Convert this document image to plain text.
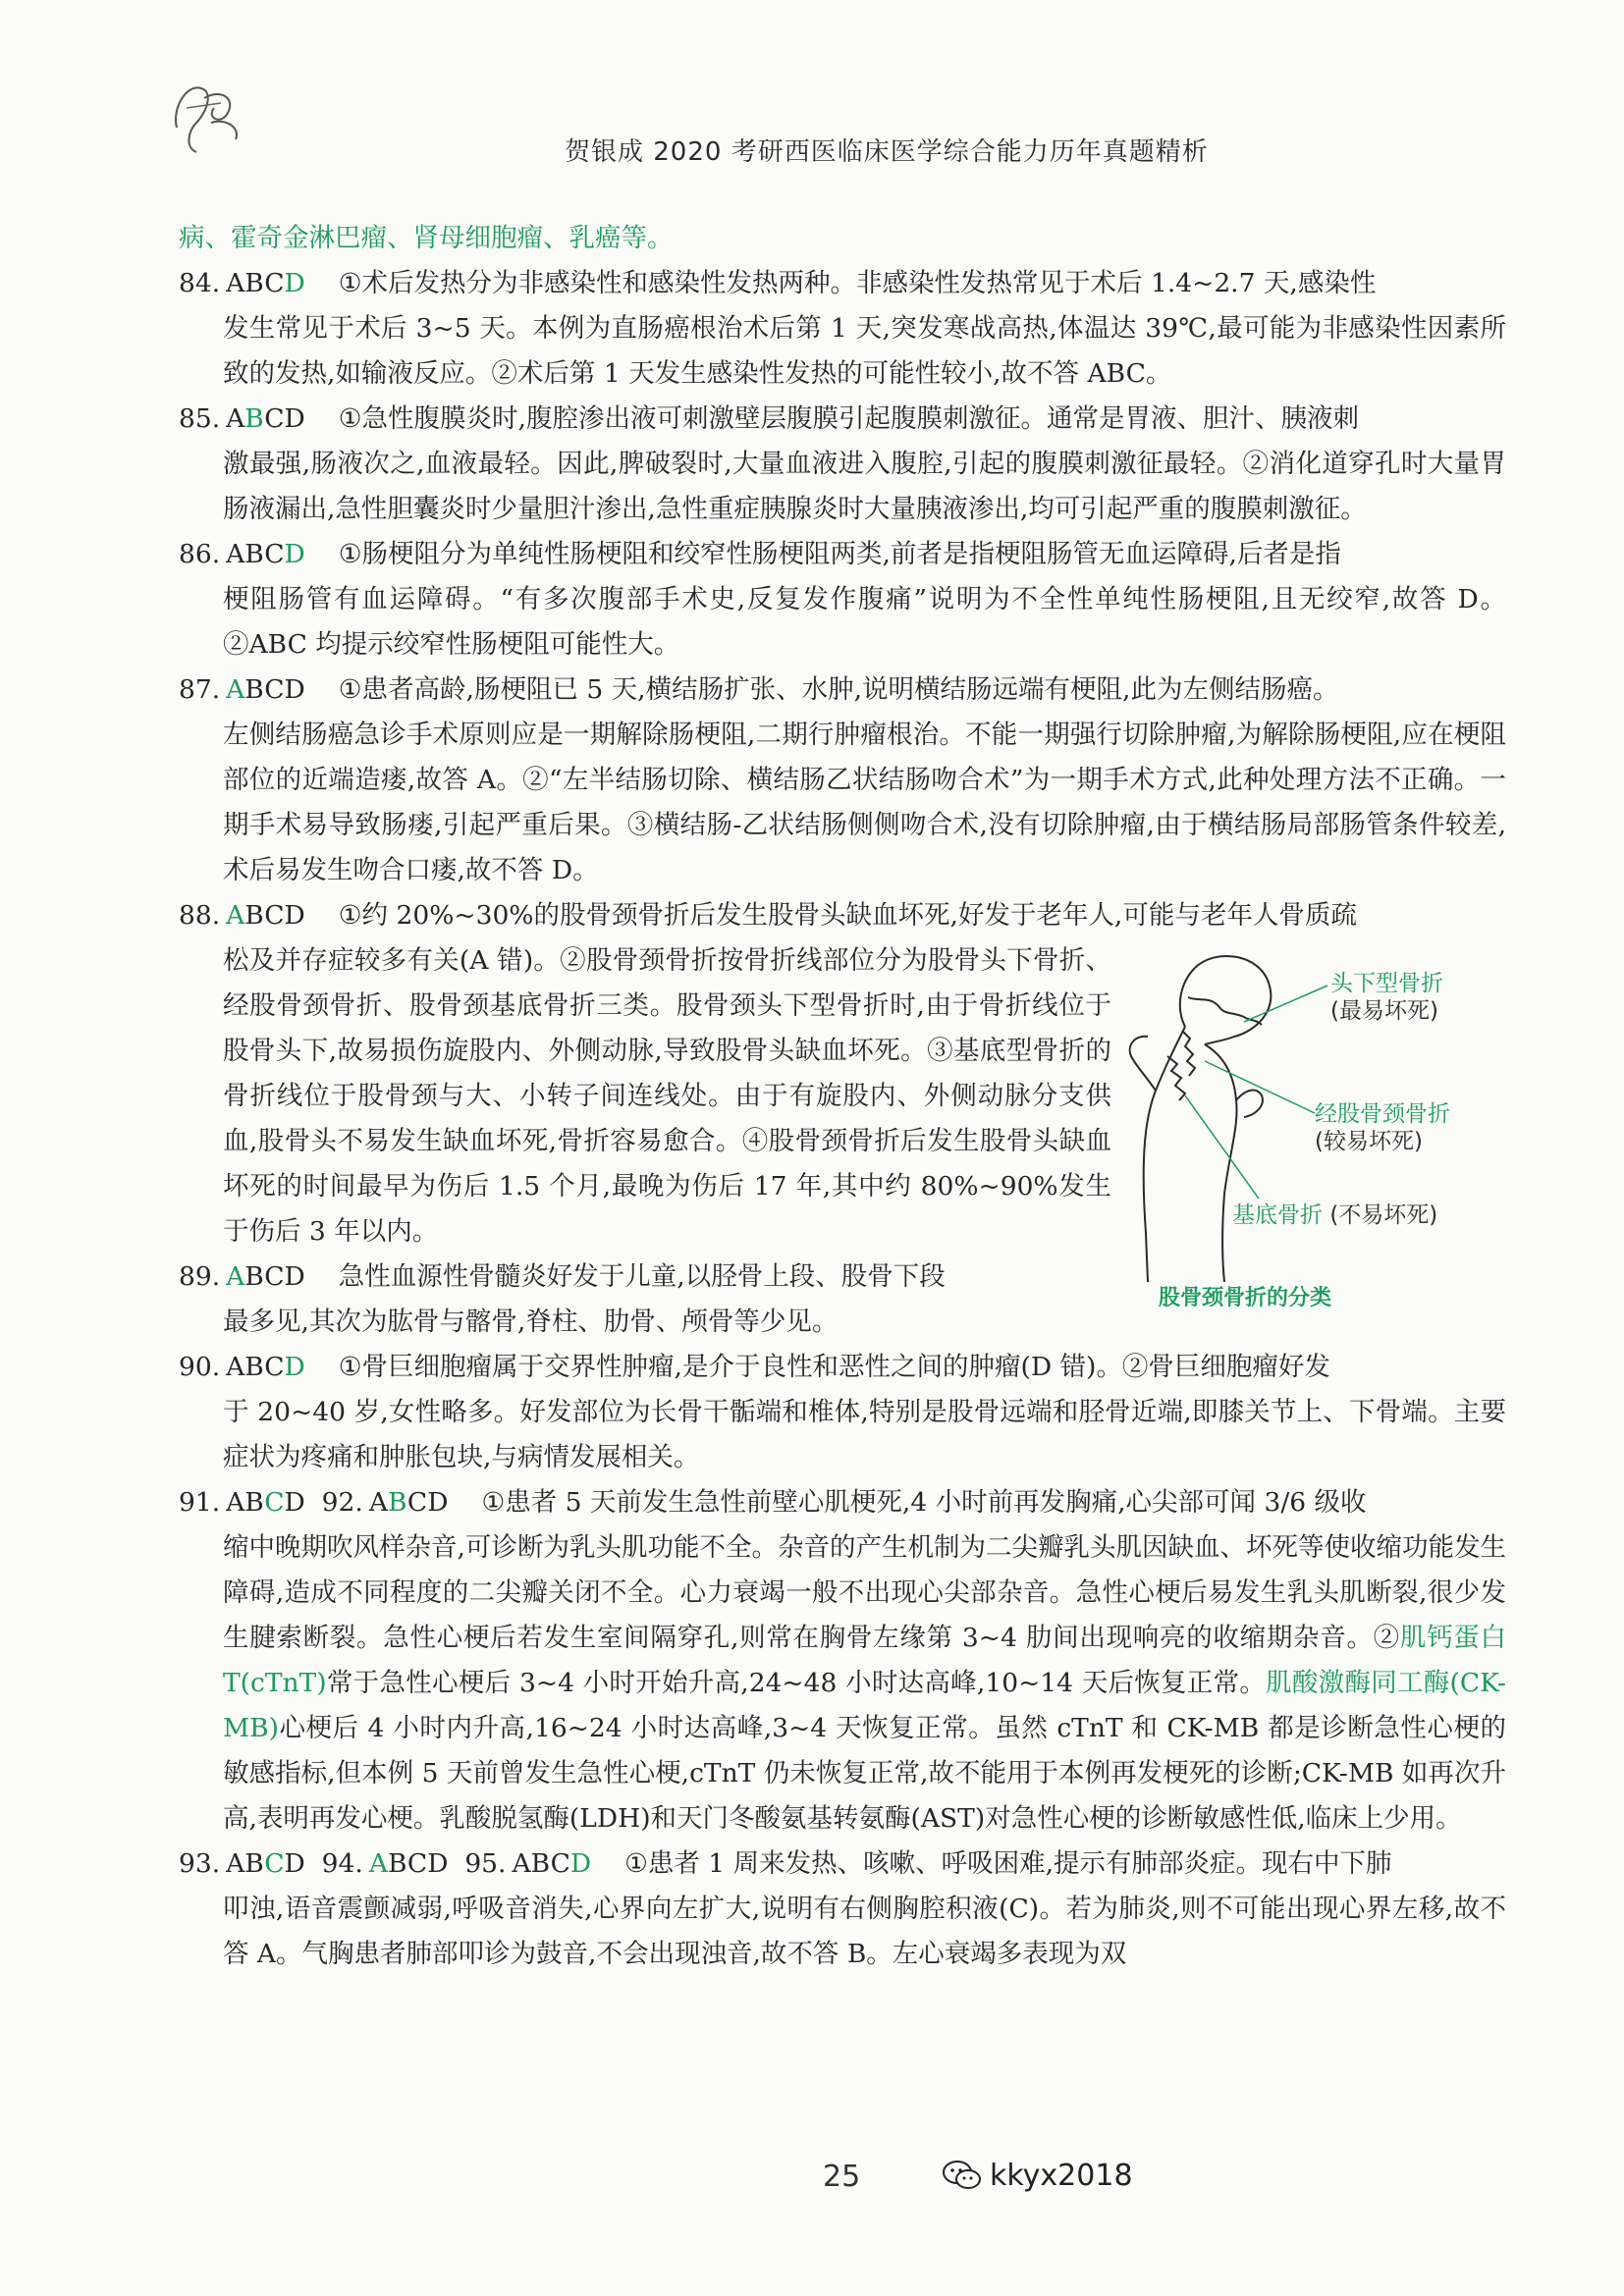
贺银成 2020 考研西医临床医学综合能力历年真题精析

病、霍奇金淋巴瘤、肾母细胞瘤、乳癌等。

84. ABCD ①术后发热分为非感染性和感染性发热两种。非感染性发热常见于术后 1.4~2.7 天,感染性

发生常见于术后 3~5 天。本例为直肠癌根治术后第 1 天,突发寒战高热,体温达 39℃,最可能为非感染性因素所致的发热,如输液反应。②术后第 1 天发生感染性发热的可能性较小,故不答 ABC。

85. ABCD ①急性腹膜炎时,腹腔渗出液可刺激壁层腹膜引起腹膜刺激征。通常是胃液、胆汁、胰液刺

激最强,肠液次之,血液最轻。因此,脾破裂时,大量血液进入腹腔,引起的腹膜刺激征最轻。②消化道穿孔时大量胃肠液漏出,急性胆囊炎时少量胆汁渗出,急性重症胰腺炎时大量胰液渗出,均可引起严重的腹膜刺激征。

86. ABCD ①肠梗阻分为单纯性肠梗阻和绞窄性肠梗阻两类,前者是指梗阻肠管无血运障碍,后者是指

梗阻肠管有血运障碍。“有多次腹部手术史,反复发作腹痛”说明为不全性单纯性肠梗阻,且无绞窄,故答 D。②ABC 均提示绞窄性肠梗阻可能性大。

87. ABCD ①患者高龄,肠梗阻已 5 天,横结肠扩张、水肿,说明横结肠远端有梗阻,此为左侧结肠癌。

左侧结肠癌急诊手术原则应是一期解除肠梗阻,二期行肿瘤根治。不能一期强行切除肿瘤,为解除肠梗阻,应在梗阻部位的近端造瘘,故答 A。②“左半结肠切除、横结肠乙状结肠吻合术”为一期手术方式,此种处理方法不正确。一期手术易导致肠瘘,引起严重后果。③横结肠-乙状结肠侧侧吻合术,没有切除肿瘤,由于横结肠局部肠管条件较差,术后易发生吻合口瘘,故不答 D。

88. ABCD ①约 20%~30%的股骨颈骨折后发生股骨头缺血坏死,好发于老年人,可能与老年人骨质疏

松及并存症较多有关(A 错)。②股骨颈骨折按骨折线部位分为股骨头下骨折、经股骨颈骨折、股骨颈基底骨折三类。股骨颈头下型骨折时,由于骨折线位于股骨头下,故易损伤旋股内、外侧动脉,导致股骨头缺血坏死。③基底型骨折的骨折线位于股骨颈与大、小转子间连线处。由于有旋股内、外侧动脉分支供血,股骨头不易发生缺血坏死,骨折容易愈合。④股骨颈骨折后发生股骨头缺血坏死的时间最早为伤后 1.5 个月,最晚为伤后 17 年,其中约 80%~90%发生于伤后 3 年以内。

89. ABCD 急性血源性骨髓炎好发于儿童,以胫骨上段、股骨下段

最多见,其次为肱骨与髂骨,脊柱、肋骨、颅骨等少见。

头下型骨折
(最易坏死)
经股骨颈骨折
(较易坏死)
基底骨折 (不易坏死)
股骨颈骨折的分类

90. ABCD ①骨巨细胞瘤属于交界性肿瘤,是介于良性和恶性之间的肿瘤(D 错)。②骨巨细胞瘤好发

于 20~40 岁,女性略多。好发部位为长骨干骺端和椎体,特别是股骨远端和胫骨近端,即膝关节上、下骨端。主要症状为疼痛和肿胀包块,与病情发展相关。

91. ABCD 92. ABCD ①患者 5 天前发生急性前壁心肌梗死,4 小时前再发胸痛,心尖部可闻 3/6 级收

缩中晚期吹风样杂音,可诊断为乳头肌功能不全。杂音的产生机制为二尖瓣乳头肌因缺血、坏死等使收缩功能发生障碍,造成不同程度的二尖瓣关闭不全。心力衰竭一般不出现心尖部杂音。急性心梗后易发生乳头肌断裂,很少发生腱索断裂。急性心梗后若发生室间隔穿孔,则常在胸骨左缘第 3~4 肋间出现响亮的收缩期杂音。②肌钙蛋白 T(cTnT)常于急性心梗后 3~4 小时开始升高,24~48 小时达高峰,10~14 天后恢复正常。肌酸激酶同工酶(CK-MB)心梗后 4 小时内升高,16~24 小时达高峰,3~4 天恢复正常。虽然 cTnT 和 CK-MB 都是诊断急性心梗的敏感指标,但本例 5 天前曾发生急性心梗,cTnT 仍未恢复正常,故不能用于本例再发梗死的诊断;CK-MB 如再次升高,表明再发心梗。乳酸脱氢酶(LDH)和天门冬酸氨基转氨酶(AST)对急性心梗的诊断敏感性低,临床上少用。

93. ABCD 94. ABCD 95. ABCD ①患者 1 周来发热、咳嗽、呼吸困难,提示有肺部炎症。现右中下肺

叩浊,语音震颤减弱,呼吸音消失,心界向左扩大,说明有右侧胸腔积液(C)。若为肺炎,则不可能出现心界左移,故不答 A。气胸患者肺部叩诊为鼓音,不会出现浊音,故不答 B。左心衰竭多表现为双

25	kkyx2018
